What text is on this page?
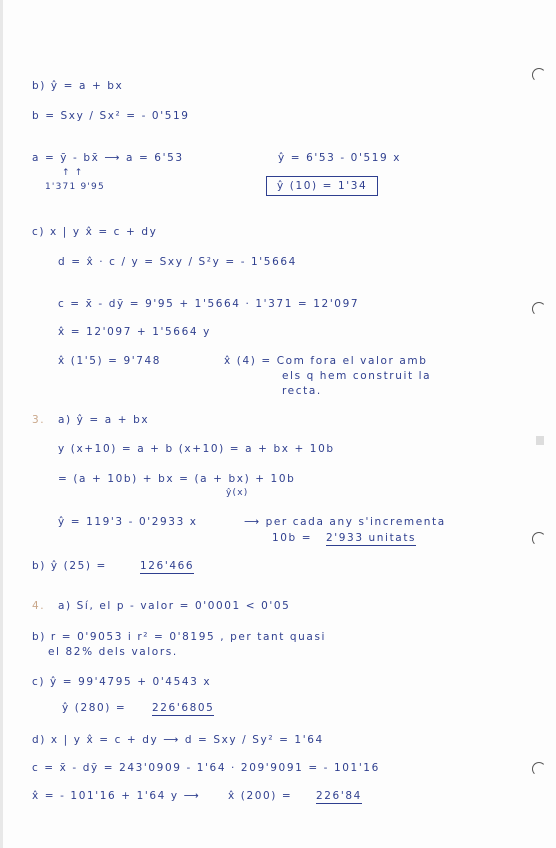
b) ŷ = a + bx
b = Sxy / Sx² = - 0'519
a = ȳ - bx̄ ⟶ a = 6'53	ŷ = 6'53 - 0'519 x
↑ ↑
1'371 9'95	ŷ (10) = 1'34
c) x | y x̂ = c + dy
d = x̂ · c / y = Sxy / S²y = - 1'5664
c = x̄ - dȳ = 9'95 + 1'5664 · 1'371 = 12'097
x̂ = 12'097 + 1'5664 y
x̂ (1'5) = 9'748	x̂ (4) = Com fora el valor amb
els q hem construit la
recta.
3. a) ŷ = a + bx
y (x+10) = a + b (x+10) = a + bx + 10b
= (a + 10b) + bx = (a + bx) + 10b
ŷ(x)
ŷ = 119'3 - 0'2933 x	⟶ per cada any s'incrementa
10b = 2'933 unitats
b) ŷ (25) =	126'466
4. a) Sí, el p - valor = 0'0001 < 0'05
b) r = 0'9053 i r² = 0'8195 , per tant quasi
el 82% dels valors.
c) ŷ = 99'4795 + 0'4543 x
ŷ (280) = 226'6805
d) x | y x̂ = c + dy ⟶ d = Sxy / Sy² = 1'64
c = x̄ - dȳ = 243'0909 - 1'64 · 209'9091 = - 101'16
x̂ = - 101'16 + 1'64 y ⟶	x̂ (200) = 226'84
